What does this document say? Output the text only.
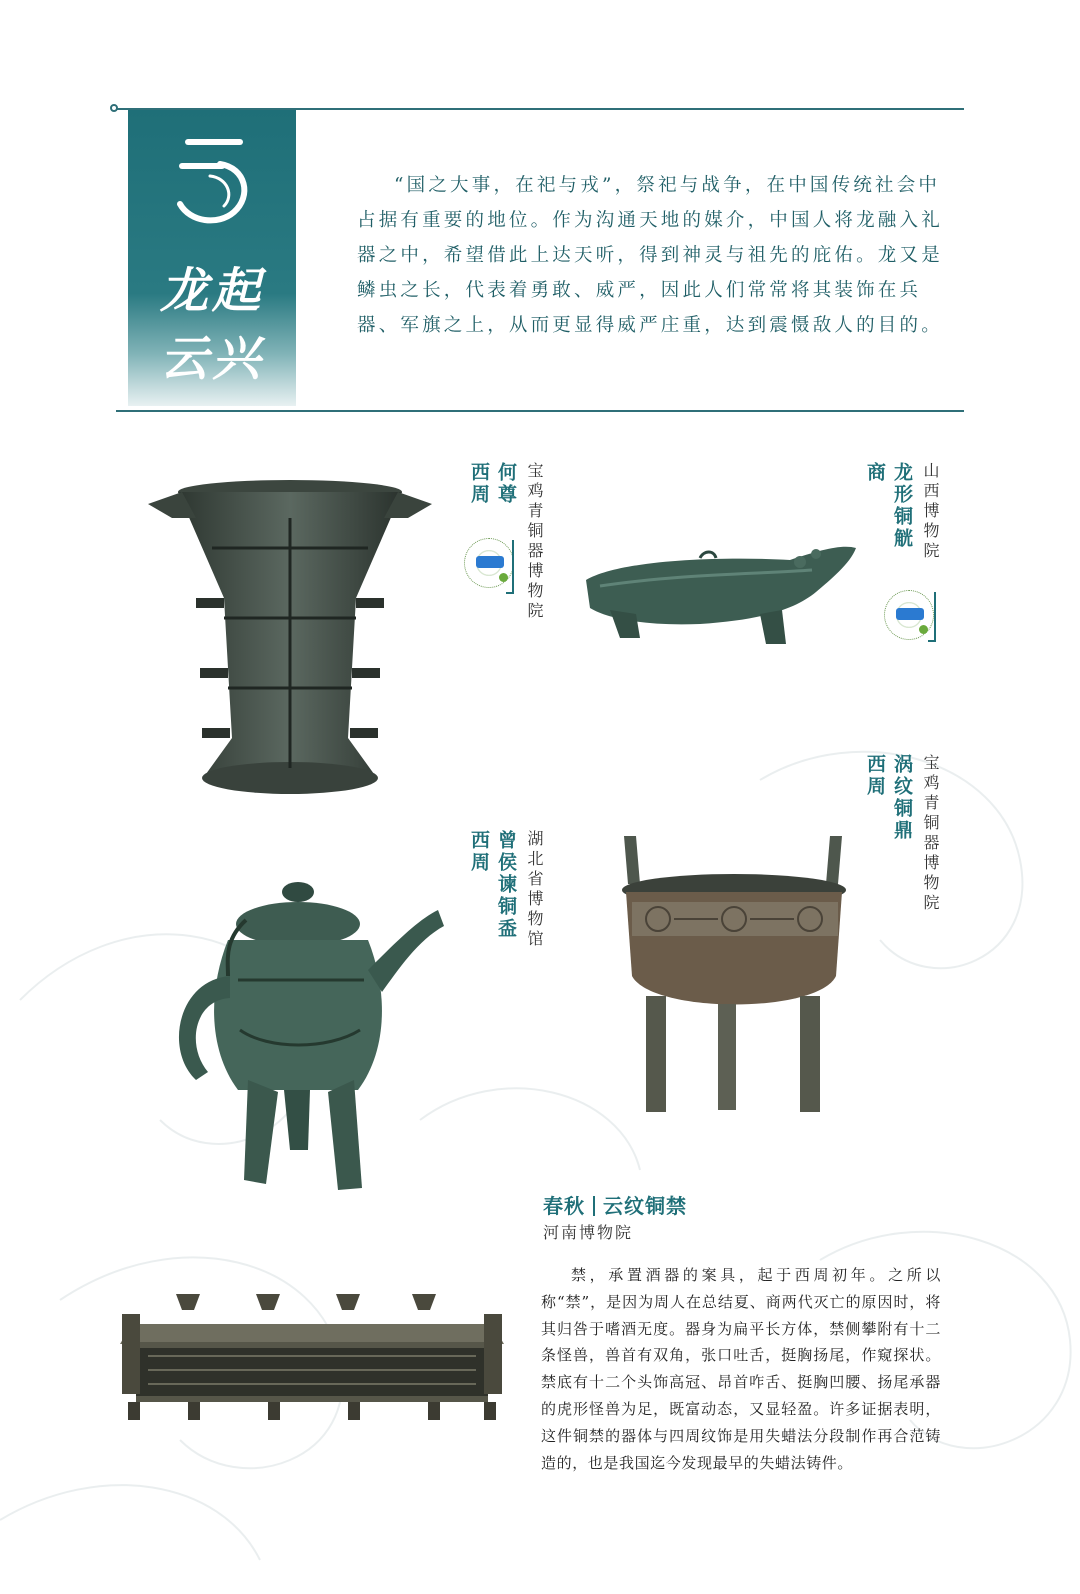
龙起
云兴

“国之大事，在祀与戎”，祭祀与战争，在中国传统社会中占据有重要的地位。作为沟通天地的媒介，中国人将龙融入礼器之中，希望借此上达天听，得到神灵与祖先的庇佑。龙又是鳞虫之长，代表着勇敢、威严，因此人们常常将其装饰在兵器、军旗之上，从而更显得威严庄重，达到震慑敌人的目的。

西周 何尊 宝鸡青铜器博物院	商 龙形铜觥 山西博物院
西周 涡纹铜鼎 宝鸡青铜器博物院
西周 曾侯谏铜盉 湖北省博物馆
春秋 云纹铜禁
河南博物院

禁，承置酒器的案具，起于西周初年。之所以称“禁”，是因为周人在总结夏、商两代灭亡的原因时，将其归咎于嗜酒无度。器身为扁平长方体，禁侧攀附有十二条怪兽，兽首有双角，张口吐舌，挺胸扬尾，作窥探状。禁底有十二个头饰高冠、昂首咋舌、挺胸凹腰、扬尾承器的虎形怪兽为足，既富动态，又显轻盈。许多证据表明，这件铜禁的器体与四周纹饰是用失蜡法分段制作再合范铸造的，也是我国迄今发现最早的失蜡法铸件。
